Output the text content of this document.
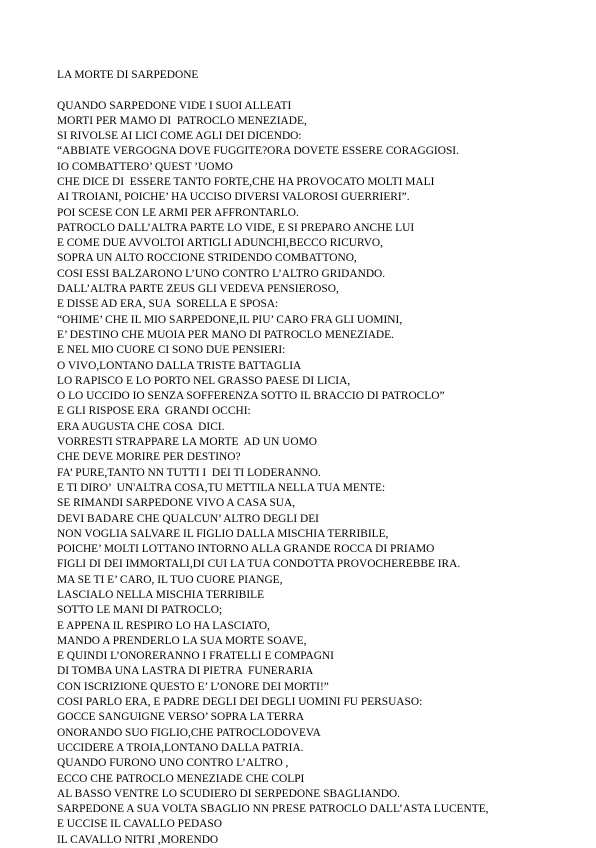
LA MORTE DI SARPEDONE
QUANDO SARPEDONE VIDE I SUOI ALLEATI
MORTI PER MAMO DI  PATROCLO MENEZIADE,
SI RIVOLSE AI LICI COME AGLI DEI DICENDO:
“ABBIATE VERGOGNA DOVE FUGGITE?ORA DOVETE ESSERE CORAGGIOSI.
IO COMBATTERO’ QUEST ’UOMO
CHE DICE DI  ESSERE TANTO FORTE,CHE HA PROVOCATO MOLTI MALI
AI TROIANI, POICHE’ HA UCCISO DIVERSI VALOROSI GUERRIERI”.
POI SCESE CON LE ARMI PER AFFRONTARLO.
PATROCLO DALL’ALTRA PARTE LO VIDE, E SI PREPARO ANCHE LUI
E COME DUE AVVOLTOI ARTIGLI ADUNCHI,BECCO RICURVO,
SOPRA UN ALTO ROCCIONE STRIDENDO COMBATTONO,
COSI ESSI BALZARONO L’UNO CONTRO L’ALTRO GRIDANDO.
DALL’ALTRA PARTE ZEUS GLI VEDEVA PENSIEROSO,
E DISSE AD ERA, SUA  SORELLA E SPOSA:
“OHIME’ CHE IL MIO SARPEDONE,IL PIU’ CARO FRA GLI UOMINI,
E’ DESTINO CHE MUOIA PER MANO DI PATROCLO MENEZIADE.
E NEL MIO CUORE CI SONO DUE PENSIERI:
O VIVO,LONTANO DALLA TRISTE BATTAGLIA
LO RAPISCO E LO PORTO NEL GRASSO PAESE DI LICIA,
O LO UCCIDO IO SENZA SOFFERENZA SOTTO IL BRACCIO DI PATROCLO”
E GLI RISPOSE ERA  GRANDI OCCHI:
ERA AUGUSTA CHE COSA  DICI.
VORRESTI STRAPPARE LA MORTE  AD UN UOMO
CHE DEVE MORIRE PER DESTINO?
FA’ PURE,TANTO NN TUTTI I  DEI TI LODERANNO.
E TI DIRO’  UN'ALTRA COSA,TU METTILA NELLA TUA MENTE:
SE RIMANDI SARPEDONE VIVO A CASA SUA,
DEVI BADARE CHE QUALCUN’ ALTRO DEGLI DEI
NON VOGLIA SALVARE IL FIGLIO DALLA MISCHIA TERRIBILE,
POICHE’ MOLTI LOTTANO INTORNO ALLA GRANDE ROCCA DI PRIAMO
FIGLI DI DEI IMMORTALI,DI CUI LA TUA CONDOTTA PROVOCHEREBBE IRA.
MA SE TI E’ CARO, IL TUO CUORE PIANGE,
LASCIALO NELLA MISCHIA TERRIBILE
SOTTO LE MANI DI PATROCLO;
E APPENA IL RESPIRO LO HA LASCIATO,
MANDO A PRENDERLO LA SUA MORTE SOAVE,
E QUINDI L’ONORERANNO I FRATELLI E COMPAGNI
DI TOMBA UNA LASTRA DI PIETRA  FUNERARIA
CON ISCRIZIONE QUESTO E’ L’ONORE DEI MORTI!”
COSI PARLO ERA, E PADRE DEGLI DEI DEGLI UOMINI FU PERSUASO:
GOCCE SANGUIGNE VERSO’ SOPRA LA TERRA
ONORANDO SUO FIGLIO,CHE PATROCLODOVEVA
UCCIDERE A TROIA,LONTANO DALLA PATRIA.
QUANDO FURONO UNO CONTRO L’ALTRO ,
ECCO CHE PATROCLO MENEZIADE CHE COLPI
AL BASSO VENTRE LO SCUDIERO DI SERPEDONE SBAGLIANDO.
SARPEDONE A SUA VOLTA SBAGLIO NN PRESE PATROCLO DALL’ASTA LUCENTE,
E UCCISE IL CAVALLO PEDASO
IL CAVALLO NITRI ,MORENDO
